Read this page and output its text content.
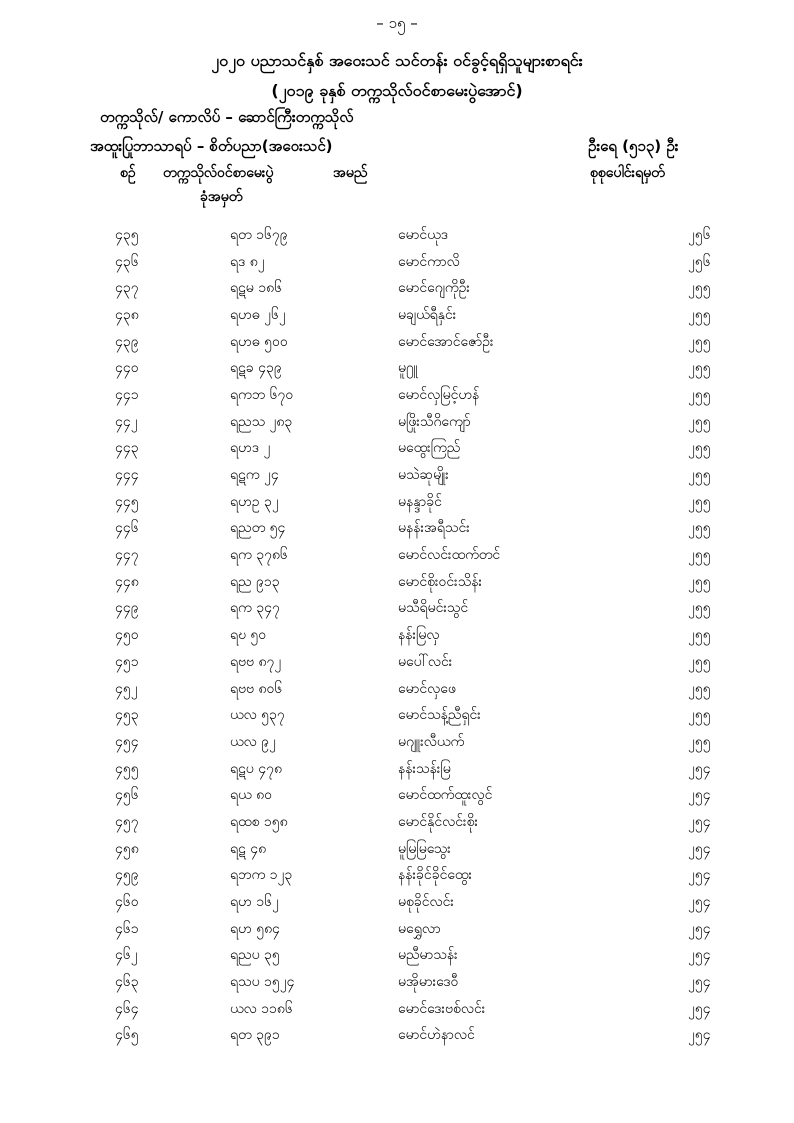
– ၁၅ –
၂၀၂၀ ပညာသင်နှစ် အဝေးသင် သင်တန်း ဝင်ခွင့်ရရှိသူများစာရင်း
(၂၀၁၉ ခုနှစ် တက္ကသိုလ်ဝင်စာမေးပွဲအောင်)
တက္ကသိုလ်/ ကောလိပ် – ​ဆောင်ကြီးတက္ကသိုလ်
အထူးပြုဘာသာရပ် – စိတ်ပညာ(အဝေးသင်)	ဦးရေ (၅၁၃) ဦး
စဉ် တက္ကသိုလ်ဝင်စာမေးပွဲ
ခုံအမှတ်
အမည်	စုစုပေါင်းရမှတ်
၄၃၅	ရတ ၁၆၇၉	မောင်ယုဒ	၂၅၆
၄၃၆	ရဒ ၈၂	မောင်ကာလိ	၂၅၆
၄၃၇	ရဋမ ၁၈၆	မောင်ဂျေကိုဦး	၂၅၅
၄၃၈	ရဟဓ ၂၆၂	မချယ်ရီနှင်း	၂၅၅
၄၃၉	ရဟဓ ၅၀၀	မောင်အောင်ဇော်ဦး	၂၅၅
၄၄၀	ရဋခ ၄၃၉	မူ႐ူ	၂၅၅
၄၄၁	ရကဘ ၆၇၀	မောင်လှမြင့်ဟန်	၂၅၅
၄၄၂	ရညသ ၂၈၃	မဖြိုးသီဂိကျော်	၂၅၅
၄၄၃	ရဟဒ ၂	မထွေးကြည်	၂၅၅
၄၄၄	ရဋက ၂၄	မသဲဆုမျိုး	၂၅၅
၄၄၅	ရဟဥ ၃၂	မနန္ဒာခိုင်	၂၅၅
၄၄၆	ရညတ ၅၄	မနန်းအရီသင်း	၂၅၅
၄၄၇	ရက ၃၇၈၆	မောင်လင်းထက်တင်	၂၅၅
၄၄၈	ရည ၉၁၃	မောင်စိုးဝင်းသိန်း	၂၅၅
၄၄၉	ရက ၃၄၇	မသီရိမင်းသွင်	၂၅၅
၄၅၀	ရဎ ၅၀	နန်းမြလှ	၂၅၅
၄၅၁	ရဗဗ ၈၇၂	မပေါ်လင်း	၂၅၅
၄၅၂	ရဗဗ ၈၀၆	မောင်လှဖေ	၂၅၅
၄၅၃	ယလ ၅၃၇	မောင်သန့်ညီရှင်း	၂၅၅
၄၅၄	ယလ ၉၂	မဂျူးလီယက်	၂၅၅
၄၅၅	ရဋပ ၄၇၈	နန်းသန်းမြ	၂၅၄
၄၅၆	ရယ ၈၀	မောင်ထက်ထူးလွင်	၂၅၄
၄၅၇	ရထစ ၁၅၈	မောင်နိုင်လင်းစိုး	၂၅၄
၄၅၈	ရဋ ၄၈	မူမြမြသွေး	၂၅၄
၄၅၉	ရဘက ၁၂၃	နန်းခိုင်ခိုင်ထွေး	၂၅၄
၄၆၀	ရဟ ၁၆၂	မစုခိုင်လင်း	၂၅၄
၄၆၁	ရဟ ၅၈၄	မရွှေလာ	၂၅၄
၄၆၂	ရညပ ၃၅	မညီမာသန်း	၂၅၄
၄၆၃	ရသပ ၁၅၂၄	မအိုမားဒေဝီ	၂၅၄
၄၆၄	ယလ ၁၁၈၆	မောင်ဒေးဗစ်လင်း	၂၅၄
၄၆၅	ရတ ၃၉၁	မောင်ဟဲနာလင်	၂၅၄
